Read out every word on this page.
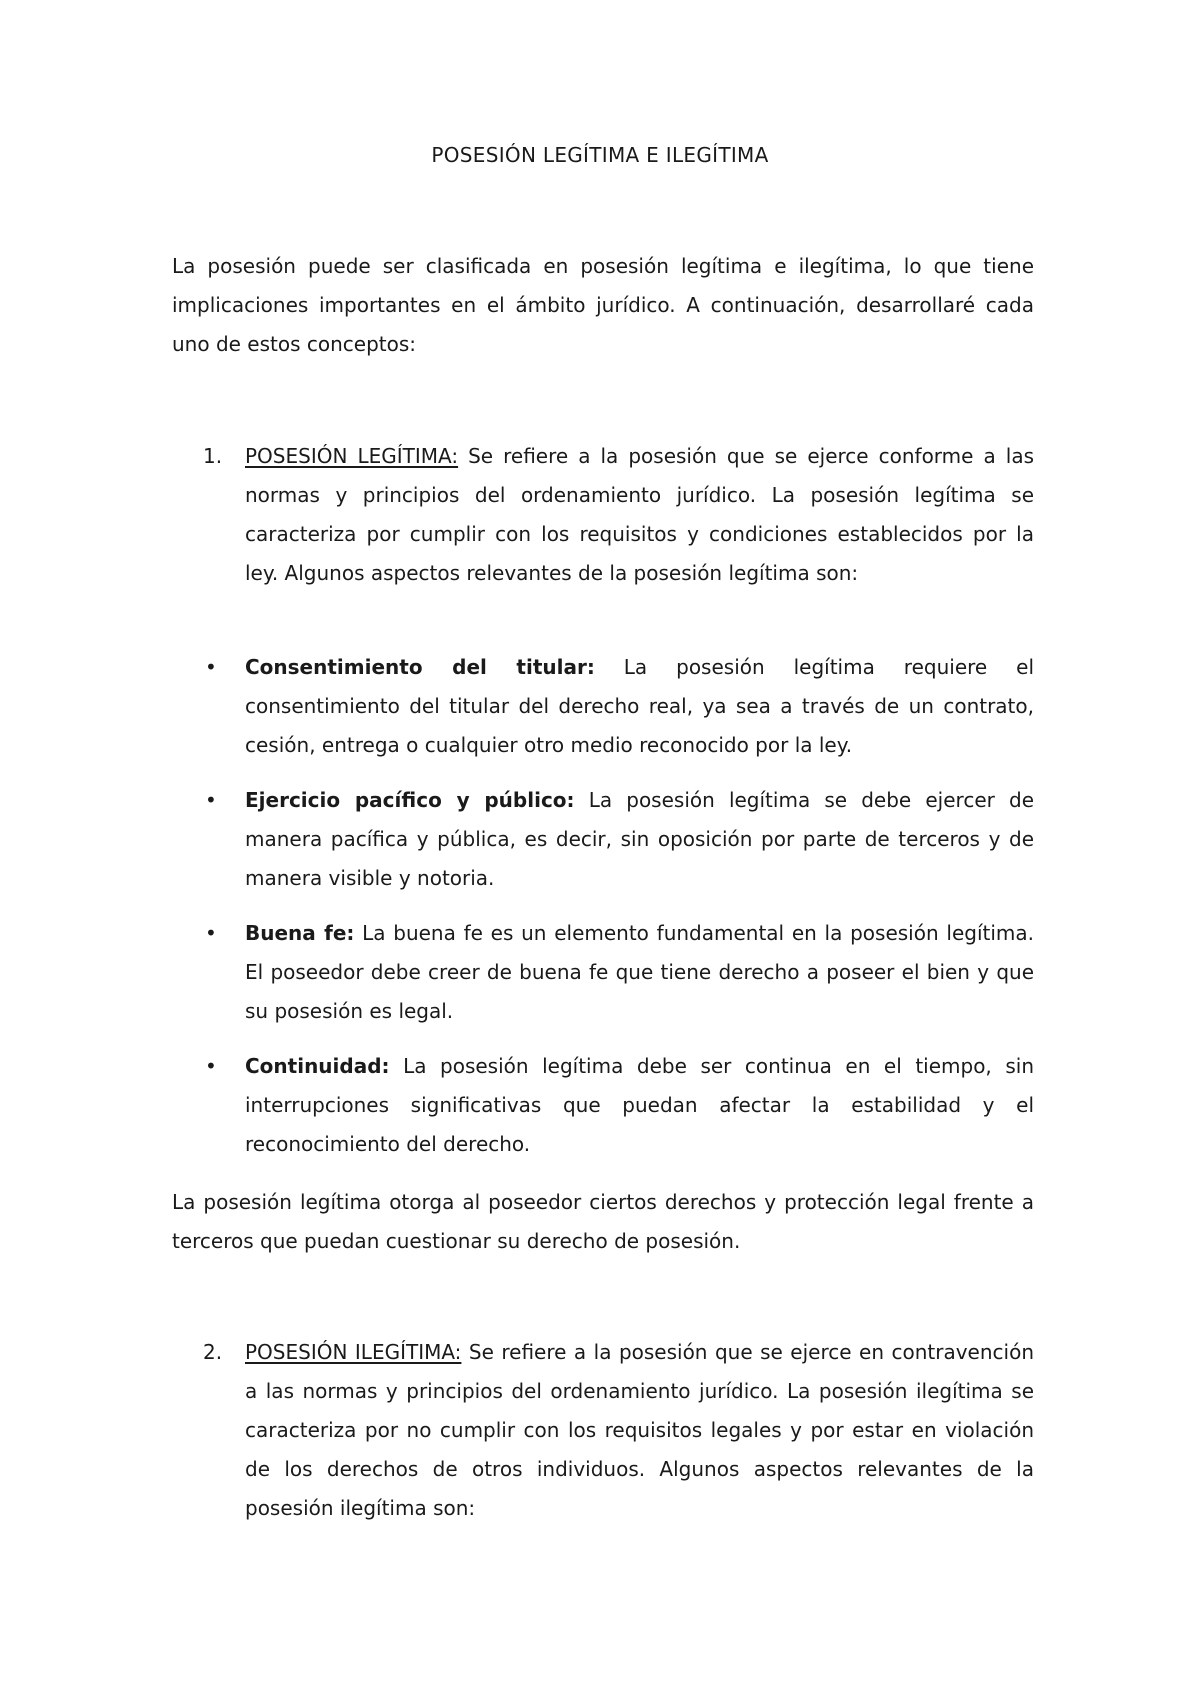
POSESIÓN LEGÍTIMA E ILEGÍTIMA

La posesión puede ser clasificada en posesión legítima e ilegítima, lo que tiene implicaciones importantes en el ámbito jurídico. A continuación, desarrollaré cada uno de estos conceptos:

1.	POSESIÓN LEGÍTIMA: Se refiere a la posesión que se ejerce conforme a las normas y principios del ordenamiento jurídico. La posesión legítima se caracteriza por cumplir con los requisitos y condiciones establecidos por la ley. Algunos aspectos relevantes de la posesión legítima son:

•	Consentimiento del titular: La posesión legítima requiere el consentimiento del titular del derecho real, ya sea a través de un contrato, cesión, entrega o cualquier otro medio reconocido por la ley.

•	Ejercicio pacífico y público: La posesión legítima se debe ejercer de manera pacífica y pública, es decir, sin oposición por parte de terceros y de manera visible y notoria.

•	Buena fe: La buena fe es un elemento fundamental en la posesión legítima. El poseedor debe creer de buena fe que tiene derecho a poseer el bien y que su posesión es legal.

•	Continuidad: La posesión legítima debe ser continua en el tiempo, sin interrupciones significativas que puedan afectar la estabilidad y el reconocimiento del derecho.

La posesión legítima otorga al poseedor ciertos derechos y protección legal frente a terceros que puedan cuestionar su derecho de posesión.

2.	POSESIÓN ILEGÍTIMA: Se refiere a la posesión que se ejerce en contravención a las normas y principios del ordenamiento jurídico. La posesión ilegítima se caracteriza por no cumplir con los requisitos legales y por estar en violación de los derechos de otros individuos. Algunos aspectos relevantes de la posesión ilegítima son:
